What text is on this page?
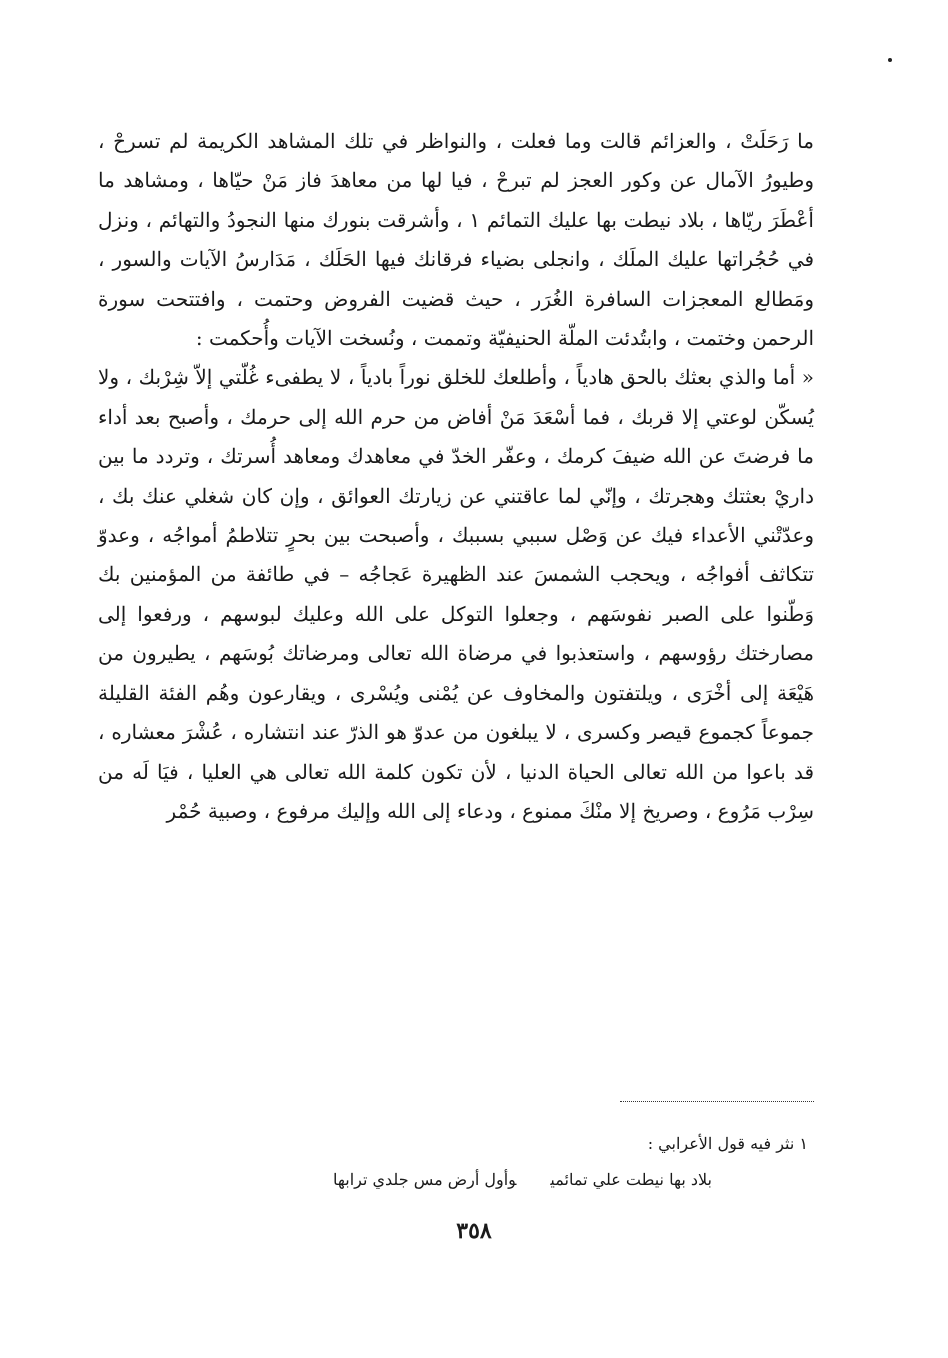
ما رَحَلَتْ ، والعزائم قالت وما فعلت ، والنواظر في تلك المشاهد الكريمة لم تسرحْ ، وطيورُ الآمال عن وكور العجز لم تبرحْ ، فيا لها من معاهدَ فاز مَنْ حيّاها ، ومشاهد ما أعْطَرَ ريّاها ، بلاد نيطت بها عليك التمائم ١ ، وأشرقت بنورك منها النجودُ والتهائم ، ونزل في حُجُراتها عليك الملَك ، وانجلى بضياء فرقانك فيها الحَلَك ، مَدَارسُ الآيات والسور ، ومَطالع المعجزات السافرة الغُرَر ، حيث قضيت الفروض وحتمت ، وافتتحت سورة الرحمن وختمت ، وابتُدئت الملّة الحنيفيّة وتممت ، ونُسخت الآيات وأُحكمت :

« أما والذي بعثك بالحق هادياً ، وأطلعك للخلق نوراً بادياً ، لا يطفىء غُلّتي إلاّ شِرْبك ، ولا يُسكّن لوعتي إلا قربك ، فما أسْعَدَ مَنْ أفاض من حرم الله إلى حرمك ، وأصبح بعد أداء ما فرضتَ عن الله ضيفَ كرمك ، وعفّر الخدّ في معاهدك ومعاهد أُسرتك ، وتردد ما بين داريْ بعثتك وهجرتك ، وإنّي لما عاقتني عن زيارتك العوائق ، وإن كان شغلي عنك بك ، وعدّتْني الأعداء فيك عن وَصْل سببي بسببك ، وأصبحت بين بحرٍ تتلاطمُ أمواجُه ، وعدوّ تتكاثف أفواجُه ، ويحجب الشمسَ عند الظهيرة عَجاجُه – في طائفة من المؤمنين بك وَطّنوا على الصبر نفوسَهم ، وجعلوا التوكل على الله وعليك لبوسهم ، ورفعوا إلى مصارختك رؤوسهم ، واستعذبوا في مرضاة الله تعالى ومرضاتك بُوسَهم ، يطيرون من هَيْعَة إلى أخْرَى ، ويلتفتون والمخاوف عن يُمْنى ويُسْرى ، ويقارعون وهُم الفئة القليلة جموعاً كجموع قيصر وكسرى ، لا يبلغون من عدوّ هو الذرّ عند انتشاره ، عُشْرَ معشاره ، قد باعوا من الله تعالى الحياة الدنيا ، لأن تكون كلمة الله تعالى هي العليا ، فيَا لَه من سِرْب مَرُوع ، وصريخ إلا منْكَ ممنوع ، ودعاء إلى الله وإليك مرفوع ، وصبية حُمْر

١ نثر فيه قول الأعرابي :
بلاد بها نيطت علي تمائميوأول أرض مس جلدي ترابها
٣٥٨
